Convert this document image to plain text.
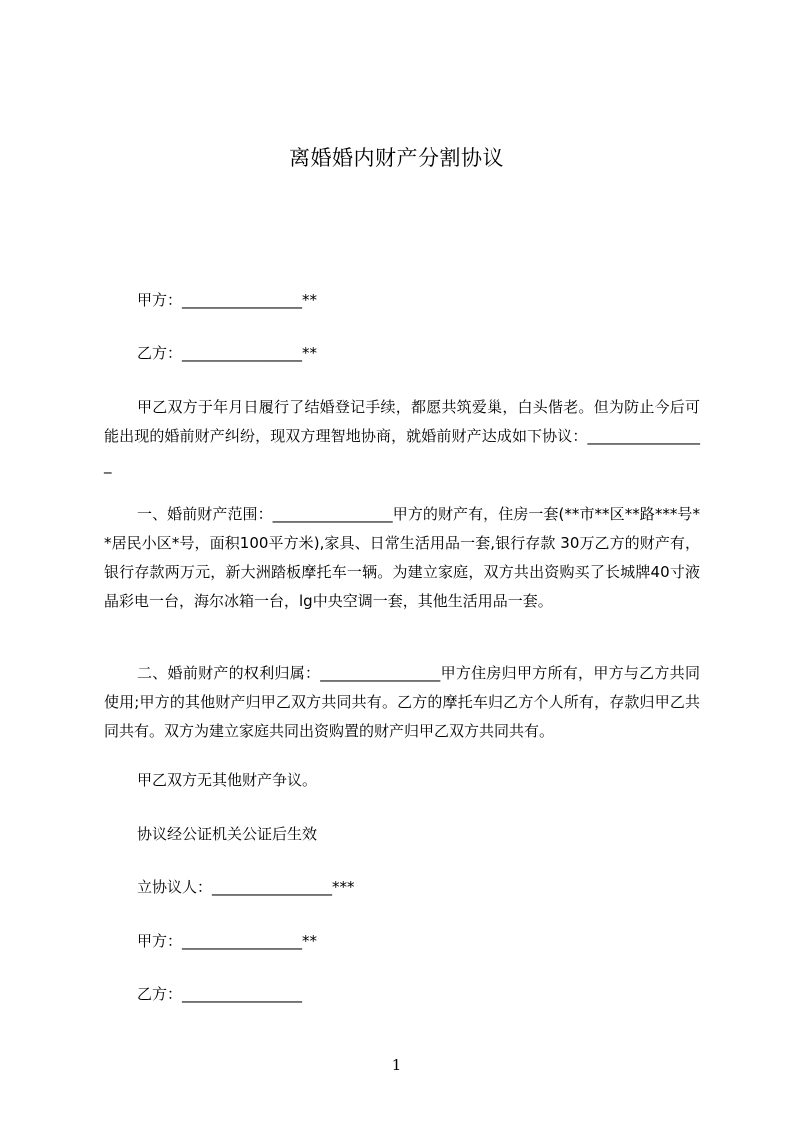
离婚婚内财产分割协议
甲方：________________**
乙方：________________**
甲乙双方于年月日履行了结婚登记手续，都愿共筑爱巢，白头偕老。但为防止今后可能出现的婚前财产纠纷，现双方理智地协商，就婚前财产达成如下协议：________________
一、婚前财产范围：________________甲方的财产有，住房一套(**市**区**路***号**居民小区*号，面积100平方米),家具、日常生活用品一套,银行存款 30万乙方的财产有，银行存款两万元，新大洲踏板摩托车一辆。为建立家庭，双方共出资购买了长城牌40寸液晶彩电一台，海尔冰箱一台，lg中央空调一套，其他生活用品一套。
二、婚前财产的权利归属：________________甲方住房归甲方所有，甲方与乙方共同使用;甲方的其他财产归甲乙双方共同共有。乙方的摩托车归乙方个人所有，存款归甲乙共同共有。双方为建立家庭共同出资购置的财产归甲乙双方共同共有。
甲乙双方无其他财产争议。
协议经公证机关公证后生效
立协议人：________________***
甲方：________________**
乙方：________________
1
